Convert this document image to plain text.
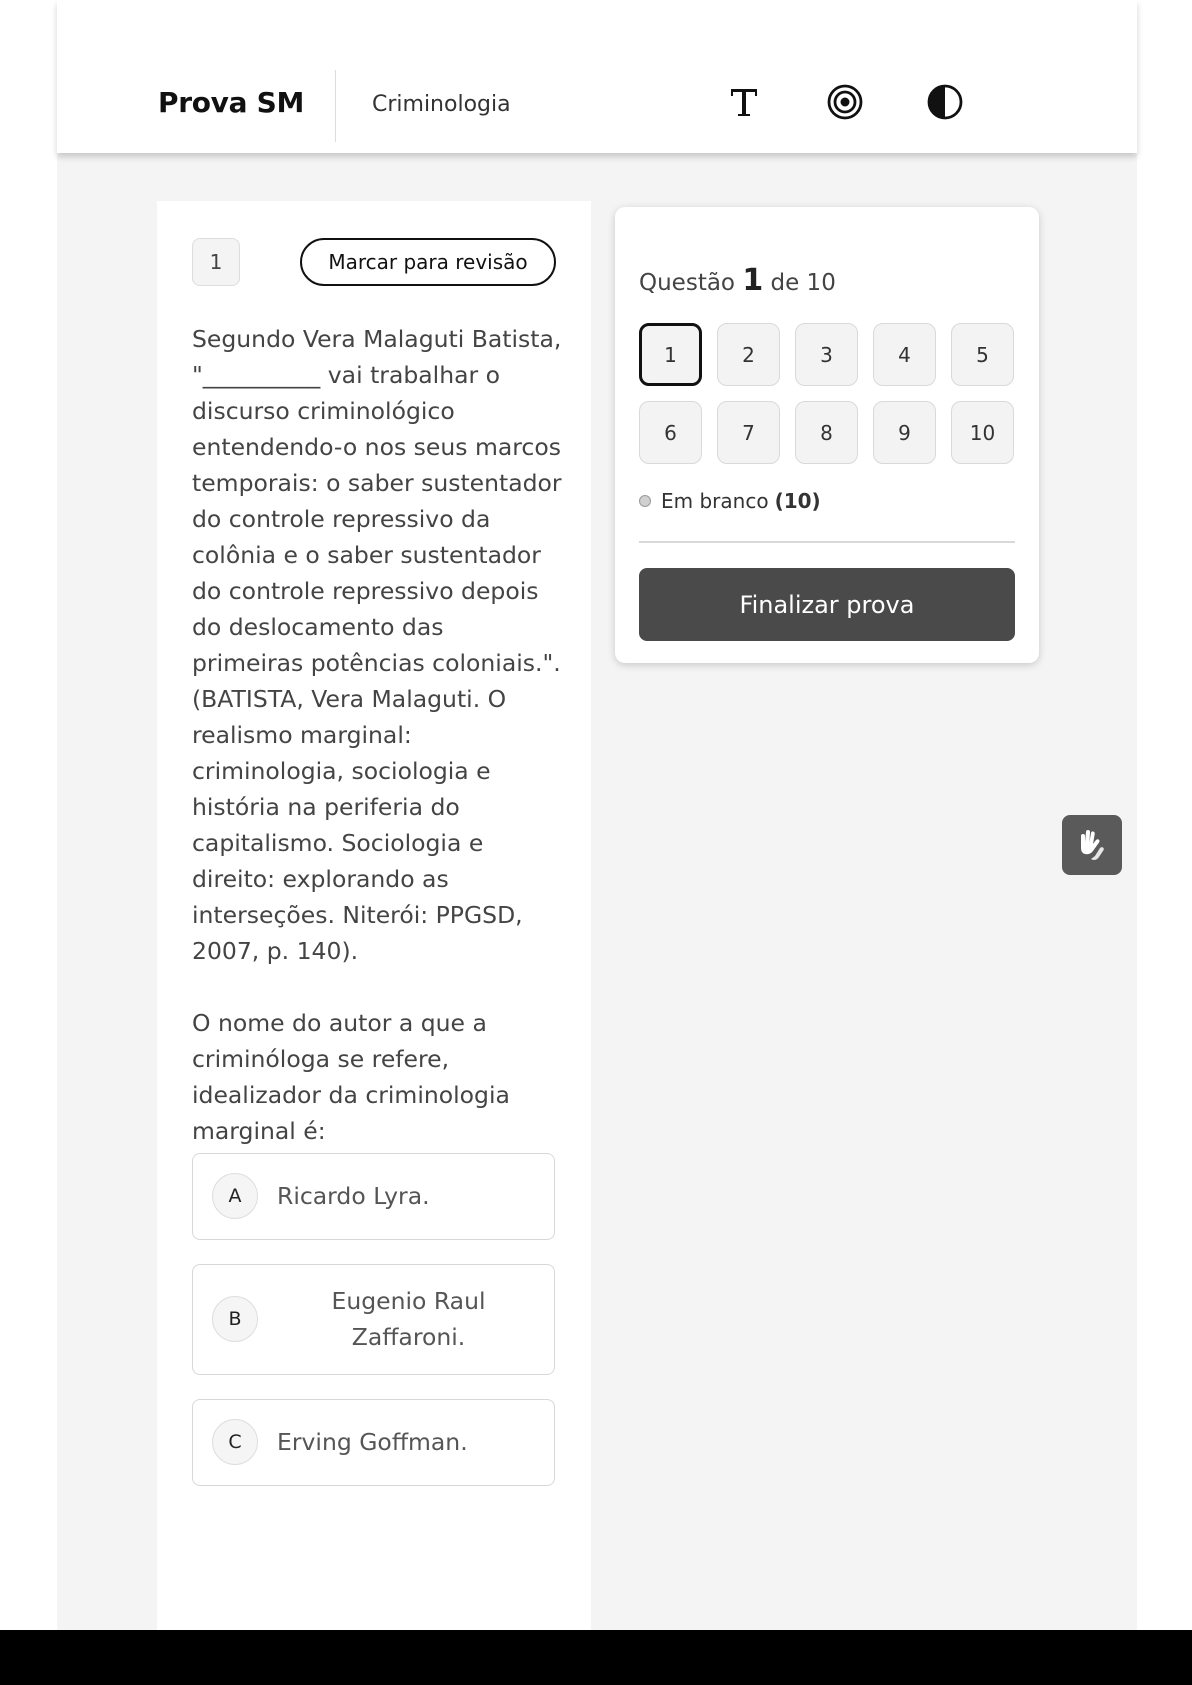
Prova SM	Criminologia
1	Marcar para revisão

Segundo Vera Malaguti Batista, "__________ vai trabalhar o discurso criminológico entendendo-o nos seus marcos temporais: o saber sustentador do controle repressivo da colônia e o saber sustentador do controle repressivo depois do deslocamento das primeiras potências coloniais.". (BATISTA, Vera Malaguti. O realismo marginal: criminologia, sociologia e história na periferia do capitalismo. Sociologia e direito: explorando as interseções. Niterói: PPGSD, 2007, p. 140).

O nome do autor a que a criminóloga se refere, idealizador da criminologia marginal é:

A	Ricardo Lyra.
B
Eugenio Raul Zaffaroni.
C	Erving Goffman.
Questão 1 de 10
1	2	3	4	5
6	7	8	9	10
Em branco (10)
Finalizar prova
